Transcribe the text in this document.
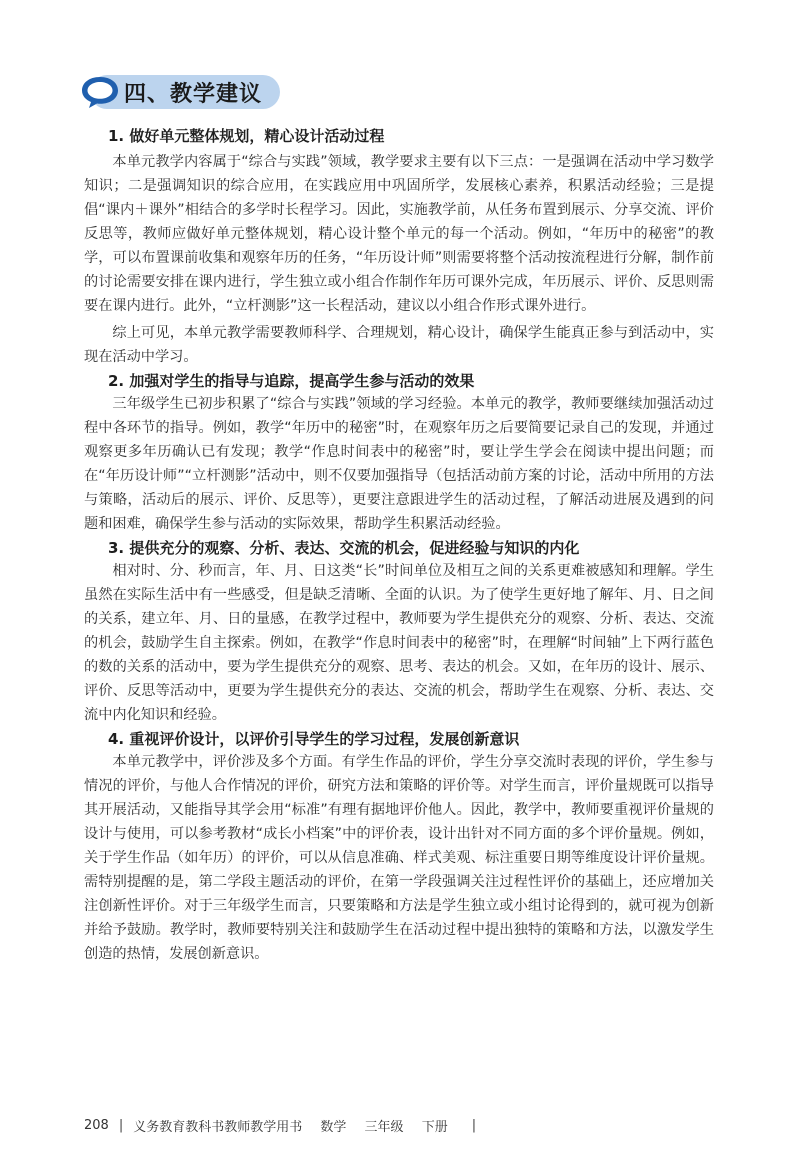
四、教学建议
1. 做好单元整体规划，精心设计活动过程

本单元教学内容属于“综合与实践”领域，教学要求主要有以下三点：一是强调在活动中学习数学知识；二是强调知识的综合应用，在实践应用中巩固所学，发展核心素养，积累活动经验；三是提倡“课内＋课外”相结合的多学时长程学习。因此，实施教学前，从任务布置到展示、分享交流、评价反思等，教师应做好单元整体规划，精心设计整个单元的每一个活动。例如，“年历中的秘密”的教学，可以布置课前收集和观察年历的任务，“年历设计师”则需要将整个活动按流程进行分解，制作前的讨论需要安排在课内进行，学生独立或小组合作制作年历可课外完成，年历展示、评价、反思则需要在课内进行。此外，“立杆测影”这一长程活动，建议以小组合作形式课外进行。

综上可见，本单元教学需要教师科学、合理规划，精心设计，确保学生能真正参与到活动中，实现在活动中学习。

2. 加强对学生的指导与追踪，提高学生参与活动的效果

三年级学生已初步积累了“综合与实践”领域的学习经验。本单元的教学，教师要继续加强活动过程中各环节的指导。例如，教学“年历中的秘密”时，在观察年历之后要简要记录自己的发现，并通过观察更多年历确认已有发现；教学“作息时间表中的秘密”时，要让学生学会在阅读中提出问题；而在“年历设计师”“立杆测影”活动中，则不仅要加强指导（包括活动前方案的讨论，活动中所用的方法与策略，活动后的展示、评价、反思等），更要注意跟进学生的活动过程，了解活动进展及遇到的问题和困难，确保学生参与活动的实际效果，帮助学生积累活动经验。

3. 提供充分的观察、分析、表达、交流的机会，促进经验与知识的内化

相对时、分、秒而言，年、月、日这类“长”时间单位及相互之间的关系更难被感知和理解。学生虽然在实际生活中有一些感受，但是缺乏清晰、全面的认识。为了使学生更好地了解年、月、日之间的关系，建立年、月、日的量感，在教学过程中，教师要为学生提供充分的观察、分析、表达、交流的机会，鼓励学生自主探索。例如，在教学“作息时间表中的秘密”时，在理解“时间轴”上下两行蓝色的数的关系的活动中，要为学生提供充分的观察、思考、表达的机会。又如，在年历的设计、展示、评价、反思等活动中，更要为学生提供充分的表达、交流的机会，帮助学生在观察、分析、表达、交流中内化知识和经验。

4. 重视评价设计，以评价引导学生的学习过程，发展创新意识

本单元教学中，评价涉及多个方面。有学生作品的评价，学生分享交流时表现的评价，学生参与情况的评价，与他人合作情况的评价，研究方法和策略的评价等。对学生而言，评价量规既可以指导其开展活动，又能指导其学会用“标准”有理有据地评价他人。因此，教学中，教师要重视评价量规的设计与使用，可以参考教材“成长小档案”中的评价表，设计出针对不同方面的多个评价量规。例如，关于学生作品（如年历）的评价，可以从信息准确、样式美观、标注重要日期等维度设计评价量规。需特别提醒的是，第二学段主题活动的评价，在第一学段强调关注过程性评价的基础上，还应增加关注创新性评价。对于三年级学生而言，只要策略和方法是学生独立或小组讨论得到的，就可视为创新并给予鼓励。教学时，教师要特别关注和鼓励学生在活动过程中提出独特的策略和方法，以激发学生创造的热情，发展创新意识。

208 | 义务教育教科书教师教学用书 数学 三年级 下册	|
